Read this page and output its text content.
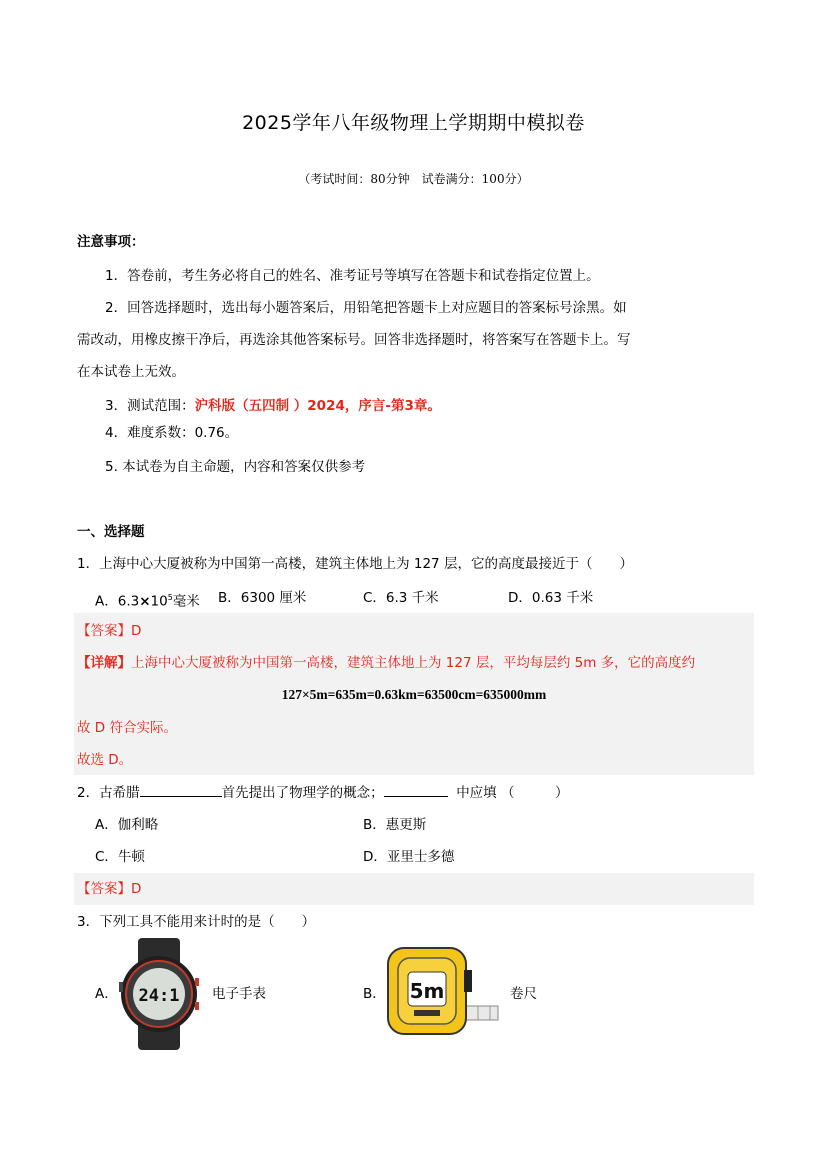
2025学年八年级物理上学期期中模拟卷
（考试时间：80分钟　试卷满分：100分）
注意事项：
1．答卷前，考生务必将自己的姓名、准考证号等填写在答题卡和试卷指定位置上。
2．回答选择题时，选出每小题答案后，用铅笔把答题卡上对应题目的答案标号涂黑。如
需改动，用橡皮擦干净后，再选涂其他答案标号。回答非选择题时，将答案写在答题卡上。写
在本试卷上无效。
3．测试范围：沪科版（五四制 ）2024，序言-第3章。
4．难度系数：0.76。
5. 本试卷为自主命题，内容和答案仅供参考
一、选择题
1．上海中心大厦被称为中国第一高楼，建筑主体地上为 127 层，它的高度最接近于（　　）
A．$6.3\times 10^5$毫米 B．6300 厘米	C．6.3 千米	D．0.63 千米
【答案】D
【详解】上海中心大厦被称为中国第一高楼，建筑主体地上为 127 层，平均每层约 5m 多，它的高度约
127×5m=635m=0.63km=63500cm=635000mm
故 D 符合实际。
故选 D。
2．古希腊	首先提出了物理学的概念；	中应填 （　　　）
A．伽利略	B．惠更斯
C．牛顿	D．亚里士多德
【答案】D
3．下列工具不能用来计时的是（　　）
A． 24:1 电子手表	B． 5m	卷尺
